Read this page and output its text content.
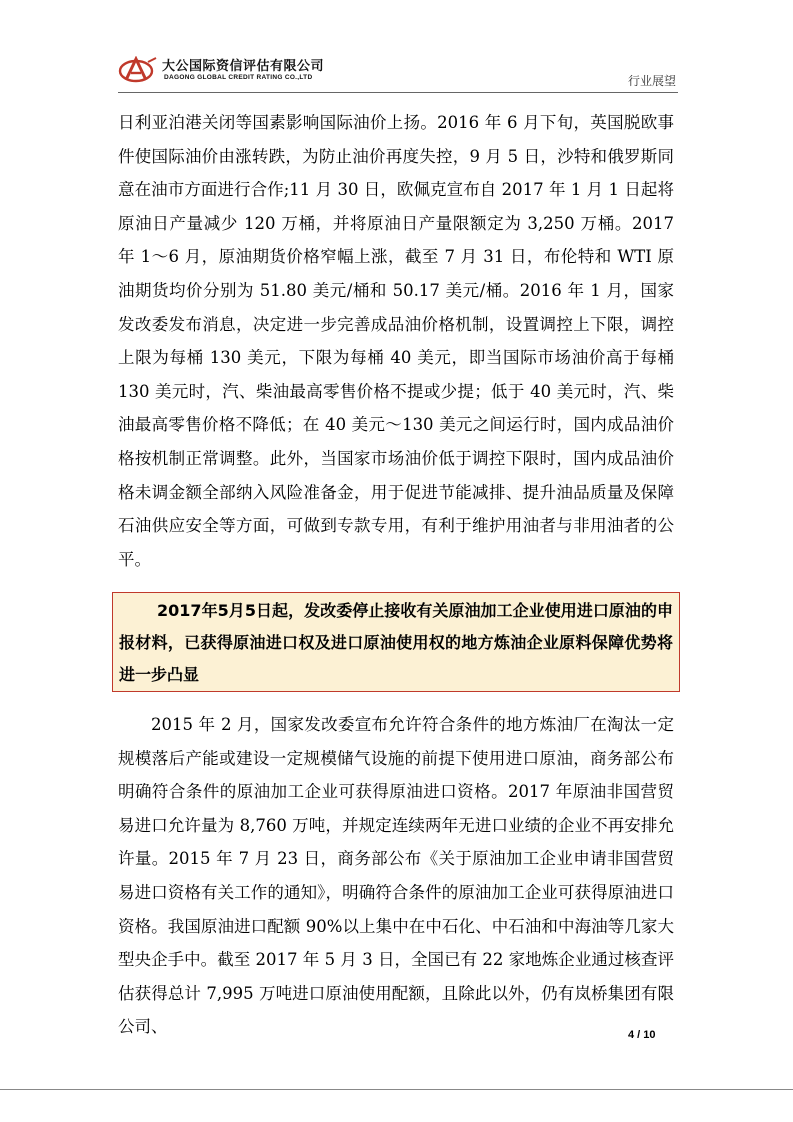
大公国际资信评估有限公司
DAGONG GLOBAL CREDIT RATING CO.,LTD	行业展望
日利亚泊港关闭等国素影响国际油价上扬。2016 年 6 月下旬，英国脱欧事件使国际油价由涨转跌，为防止油价再度失控，9 月 5 日，沙特和俄罗斯同意在油市方面进行合作;11 月 30 日，欧佩克宣布自 2017 年 1 月 1 日起将原油日产量减少 120 万桶，并将原油日产量限额定为 3,250 万桶。2017 年 1～6 月，原油期货价格窄幅上涨，截至 7 月 31 日，布伦特和 WTI 原油期货均价分别为 51.80 美元/桶和 50.17 美元/桶。2016 年 1 月，国家发改委发布消息，决定进一步完善成品油价格机制，设置调控上下限，调控上限为每桶 130 美元，下限为每桶 40 美元，即当国际市场油价高于每桶 130 美元时，汽、柴油最高零售价格不提或少提；低于 40 美元时，汽、柴油最高零售价格不降低；在 40 美元～130 美元之间运行时，国内成品油价格按机制正常调整。此外，当国家市场油价低于调控下限时，国内成品油价格未调金额全部纳入风险准备金，用于促进节能减排、提升油品质量及保障石油供应安全等方面，可做到专款专用，有利于维护用油者与非用油者的公平。
2017年5月5日起，发改委停止接收有关原油加工企业使用进口原油的申报材料，已获得原油进口权及进口原油使用权的地方炼油企业原料保障优势将进一步凸显
2015 年 2 月，国家发改委宣布允许符合条件的地方炼油厂在淘汰一定规模落后产能或建设一定规模储气设施的前提下使用进口原油，商务部公布明确符合条件的原油加工企业可获得原油进口资格。2017 年原油非国营贸易进口允许量为 8,760 万吨，并规定连续两年无进口业绩的企业不再安排允许量。2015 年 7 月 23 日，商务部公布《关于原油加工企业申请非国营贸易进口资格有关工作的通知》，明确符合条件的原油加工企业可获得原油进口资格。我国原油进口配额 90%以上集中在中石化、中石油和中海油等几家大型央企手中。截至 2017 年 5 月 3 日，全国已有 22 家地炼企业通过核查评估获得总计 7,995 万吨进口原油使用配额，且除此以外，仍有岚桥集团有限公司、	4 / 10
